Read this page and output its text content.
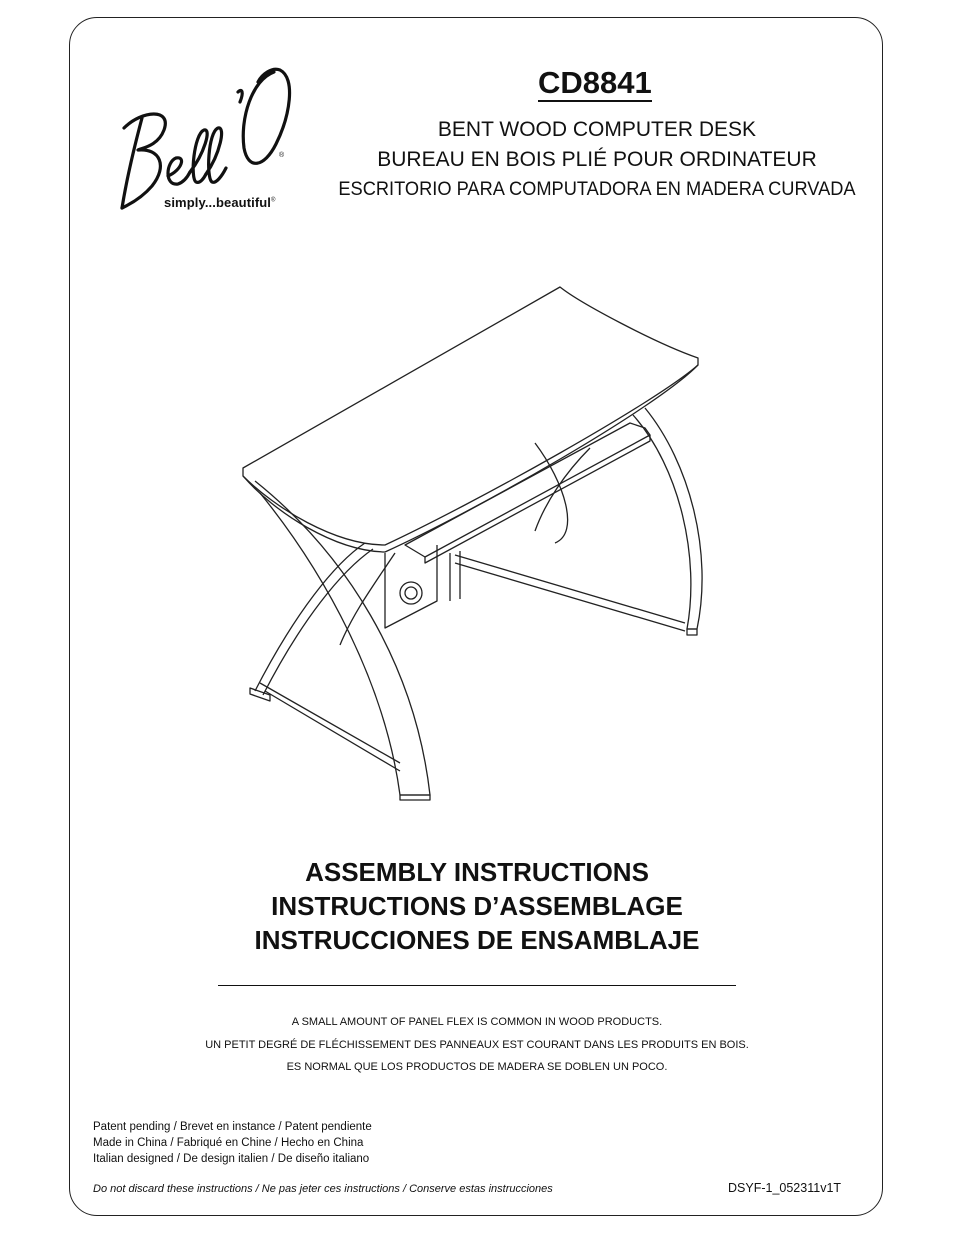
®
simply...beautiful®
CD8841
BENT WOOD COMPUTER DESK
BUREAU EN BOIS PLIÉ POUR ORDINATEUR
ESCRITORIO PARA COMPUTADORA EN MADERA CURVADA
ASSEMBLY INSTRUCTIONS
INSTRUCTIONS D’ASSEMBLAGE
INSTRUCCIONES DE ENSAMBLAJE
A SMALL AMOUNT OF PANEL FLEX IS COMMON IN WOOD PRODUCTS.
UN PETIT DEGRÉ DE FLÉCHISSEMENT DES PANNEAUX EST COURANT DANS LES PRODUITS EN BOIS.
ES NORMAL QUE LOS PRODUCTOS DE MADERA SE DOBLEN UN POCO.
Patent pending / Brevet en instance / Patent pendiente
Made in China / Fabriqué en Chine / Hecho en China
Italian designed / De design italien / De diseño italiano
Do not discard these instructions / Ne pas jeter ces instructions / Conserve estas instrucciones	DSYF-1_052311v1T
